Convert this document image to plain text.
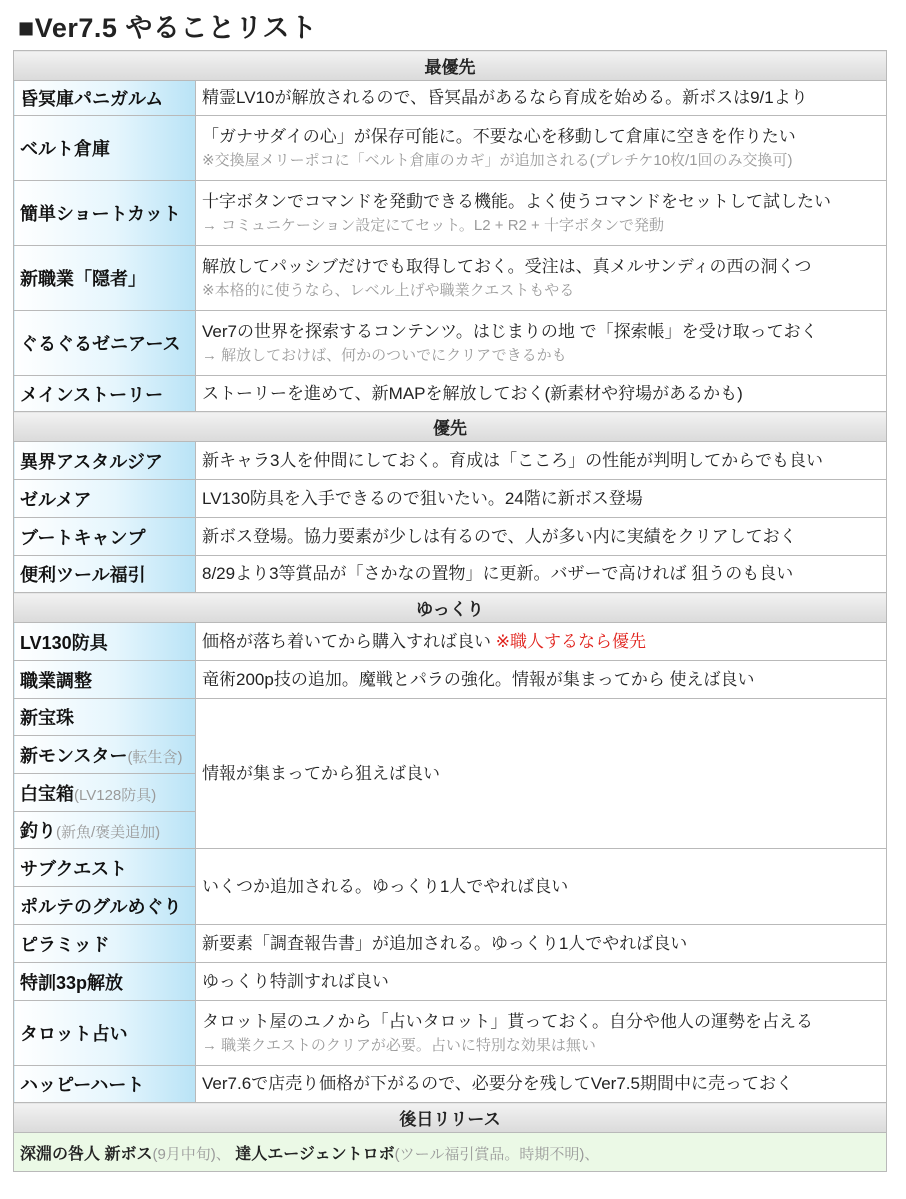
■Ver7.5 やることリスト
最優先	
昏冥庫パニガルム	精霊LV10が解放されるので、昏冥晶があるなら育成を始める。新ボスは9/1より

ベルト倉庫	「ガナサダイの心」が保存可能に。不要な心を移動して倉庫に空きを作りたい
※交換屋メリーポコに「ベルト倉庫のカギ」が追加される(プレチケ10枚/1回のみ交換可)

簡単ショートカット	十字ボタンでコマンドを発動できる機能。よく使うコマンドをセットして試したい
→ コミュニケーション設定にてセット。L2 + R2 + 十字ボタンで発動

新職業「隠者」	解放してパッシブだけでも取得しておく。受注は、真メルサンディの西の洞くつ
※本格的に使うなら、レベル上げや職業クエストもやる

ぐるぐるゼニアース	Ver7の世界を探索するコンテンツ。はじまりの地 で「探索帳」を受け取っておく
→ 解放しておけば、何かのついでにクリアできるかも

メインストーリー	ストーリーを進めて、新MAPを解放しておく(新素材や狩場があるかも)

優先	
異界アスタルジア	新キャラ3人を仲間にしておく。育成は「こころ」の性能が判明してからでも良い

ゼルメア	LV130防具を入手できるので狙いたい。24階に新ボス登場

ブートキャンプ	新ボス登場。協力要素が少しは有るので、人が多い内に実績をクリアしておく

便利ツール福引	8/29より3等賞品が「さかなの置物」に更新。バザーで高ければ 狙うのも良い

ゆっくり	
LV130防具	価格が落ち着いてから購入すれば良い ※職人するなら優先

職業調整	竜術200p技の追加。魔戦とパラの強化。情報が集まってから 使えば良い

新宝珠	情報が集まってから狙えば良い

新モンスター(転生含)	
白宝箱(LV128防具)	
釣り(新魚/褒美追加)	
サブクエスト	いくつか追加される。ゆっくり1人でやれば良い

ポルテのグルめぐり	
ピラミッド	新要素「調査報告書」が追加される。ゆっくり1人でやれば良い

特訓33p解放	ゆっくり特訓すれば良い

タロット占い	タロット屋のユノから「占いタロット」貰っておく。自分や他人の運勢を占える
→ 職業クエストのクリアが必要。占いに特別な効果は無い

ハッピーハート	Ver7.6で店売り価格が下がるので、必要分を残してVer7.5期間中に売っておく

後日リリース	
深淵の咎人 新ボス(9月中旬)、 達人エージェントロボ(ツール福引賞品。時期不明)、	
